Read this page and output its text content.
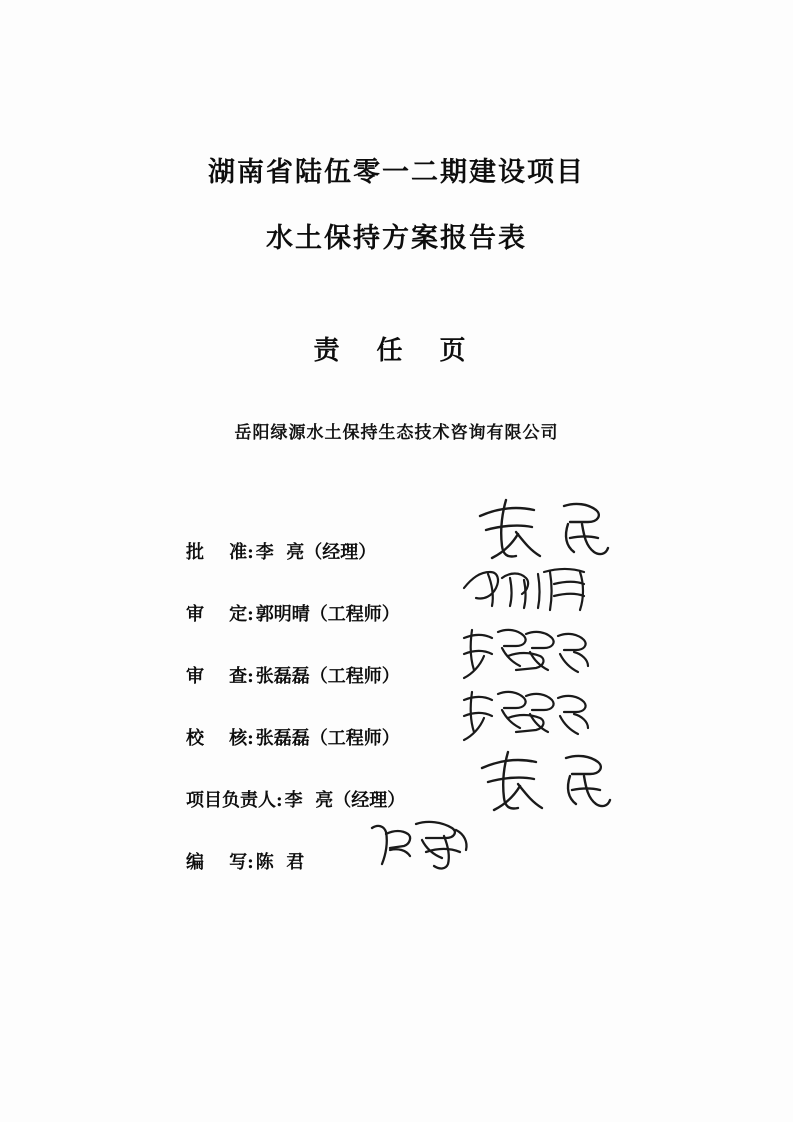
湖南省陆伍零一二期建设项目
水土保持方案报告表
责 任 页
岳阳绿源水土保持生态技术咨询有限公司
批    准: 李  亮（经理）
审    定: 郭明晴（工程师）
审    查: 张磊磊（工程师）
校    核: 张磊磊（工程师）
项目负责人: 李  亮（经理）
编    写: 陈  君
